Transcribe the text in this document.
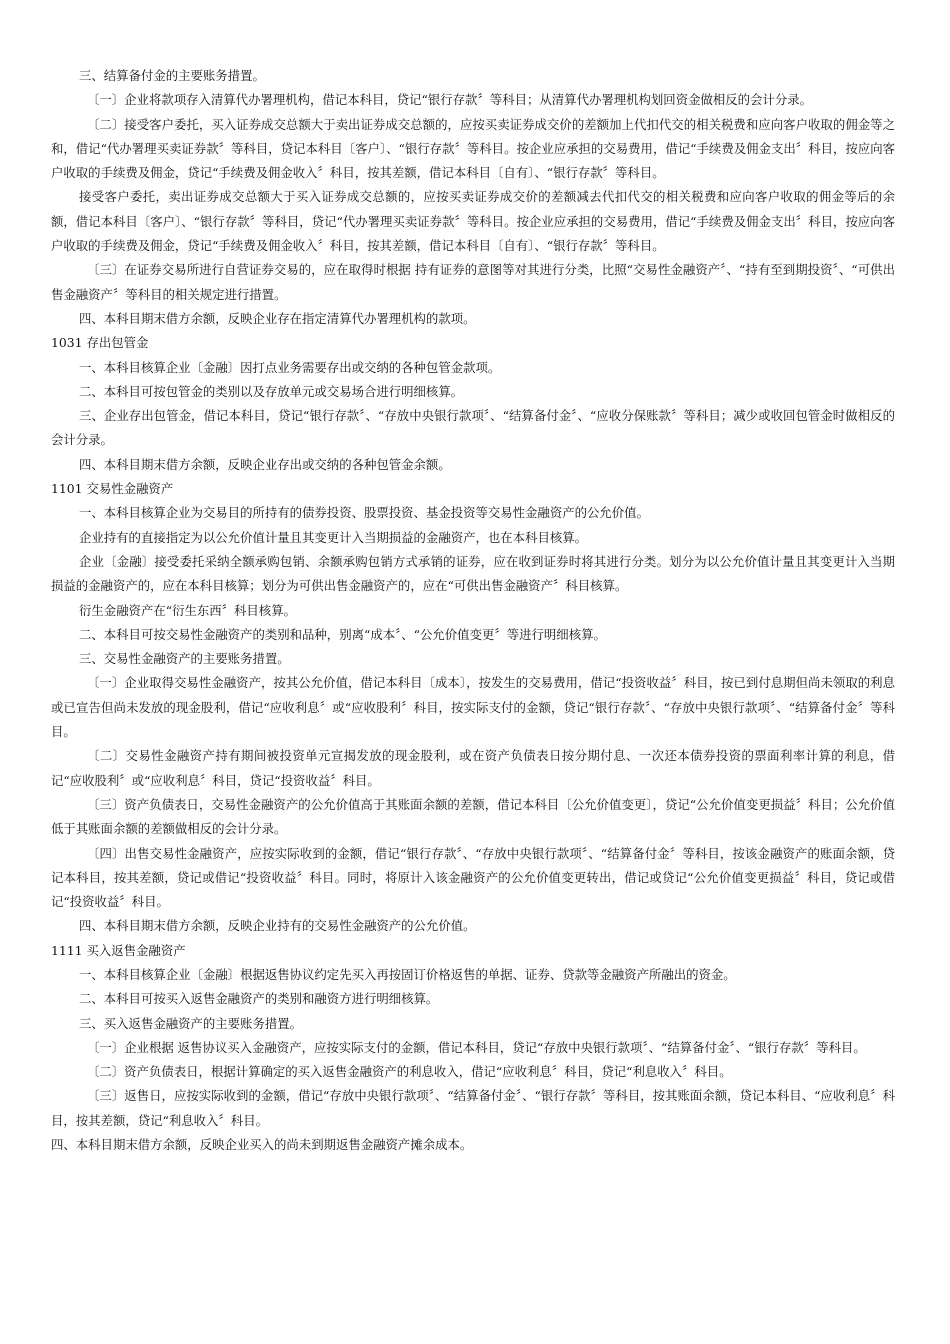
三、结算备付金的主要账务措置。

〔一〕企业将款项存入清算代办署理机构，借记本科目，贷记“银行存款〞等科目；从清算代办署理机构划回资金做相反的会计分录。

〔二〕接受客户委托，买入证券成交总额大于卖出证券成交总额的，应按买卖证券成交价的差额加上代扣代交的相关税费和应向客户收取的佣金等之和，借记“代办署理买卖证券款〞等科目，贷记本科目〔客户〕、“银行存款〞等科目。按企业应承担的交易费用，借记“手续费及佣金支出〞科目，按应向客户收取的手续费及佣金，贷记“手续费及佣金收入〞科目，按其差额，借记本科目〔自有〕、“银行存款〞等科目。

接受客户委托，卖出证券成交总额大于买入证券成交总额的，应按买卖证券成交价的差额减去代扣代交的相关税费和应向客户收取的佣金等后的余额，借记本科目〔客户〕、“银行存款〞等科目，贷记“代办署理买卖证券款〞等科目。按企业应承担的交易费用，借记“手续费及佣金支出〞科目，按应向客户收取的手续费及佣金，贷记“手续费及佣金收入〞科目，按其差额，借记本科目〔自有〕、“银行存款〞等科目。

〔三〕在证券交易所进行自营证券交易的，应在取得时根据 持有证券的意图等对其进行分类，比照“交易性金融资产〞、“持有至到期投资〞、“可供出售金融资产〞等科目的相关规定进行措置。

四、本科目期末借方余额，反映企业存在指定清算代办署理机构的款项。

1031 存出包管金

一、本科目核算企业〔金融〕因打点业务需要存出或交纳的各种包管金款项。

二、本科目可按包管金的类别以及存放单元或交易场合进行明细核算。

三、企业存出包管金，借记本科目，贷记“银行存款〞、“存放中央银行款项〞、“结算备付金〞、“应收分保账款〞等科目；减少或收回包管金时做相反的会计分录。

四、本科目期末借方余额，反映企业存出或交纳的各种包管金余额。

1101 交易性金融资产

一、本科目核算企业为交易目的所持有的债券投资、股票投资、基金投资等交易性金融资产的公允价值。

企业持有的直接指定为以公允价值计量且其变更计入当期损益的金融资产，也在本科目核算。

企业〔金融〕接受委托采纳全额承购包销、余额承购包销方式承销的证券，应在收到证券时将其进行分类。划分为以公允价值计量且其变更计入当期损益的金融资产的，应在本科目核算；划分为可供出售金融资产的，应在“可供出售金融资产〞科目核算。

衍生金融资产在“衍生东西〞科目核算。

二、本科目可按交易性金融资产的类别和品种，别离“成本〞、“公允价值变更〞等进行明细核算。

三、交易性金融资产的主要账务措置。

〔一〕企业取得交易性金融资产，按其公允价值，借记本科目〔成本〕，按发生的交易费用，借记“投资收益〞科目，按已到付息期但尚未领取的利息或已宣告但尚未发放的现金股利，借记“应收利息〞或“应收股利〞科目，按实际支付的金额，贷记“银行存款〞、“存放中央银行款项〞、“结算备付金〞等科目。

〔二〕交易性金融资产持有期间被投资单元宣揭发放的现金股利，或在资产负债表日按分期付息、一次还本债券投资的票面利率计算的利息，借记“应收股利〞或“应收利息〞科目，贷记“投资收益〞科目。

〔三〕资产负债表日，交易性金融资产的公允价值高于其账面余额的差额，借记本科目〔公允价值变更〕，贷记“公允价值变更损益〞科目；公允价值低于其账面余额的差额做相反的会计分录。

〔四〕出售交易性金融资产，应按实际收到的金额，借记“银行存款〞、“存放中央银行款项〞、“结算备付金〞等科目，按该金融资产的账面余额，贷记本科目，按其差额，贷记或借记“投资收益〞科目。同时，将原计入该金融资产的公允价值变更转出，借记或贷记“公允价值变更损益〞科目，贷记或借记“投资收益〞科目。

四、本科目期末借方余额，反映企业持有的交易性金融资产的公允价值。

1111 买入返售金融资产

一、本科目核算企业〔金融〕根据返售协议约定先买入再按固订价格返售的单据、证券、贷款等金融资产所融出的资金。

二、本科目可按买入返售金融资产的类别和融资方进行明细核算。

三、买入返售金融资产的主要账务措置。

〔一〕企业根据 返售协议买入金融资产，应按实际支付的金额，借记本科目，贷记“存放中央银行款项〞、“结算备付金〞、“银行存款〞等科目。

〔二〕资产负债表日，根据计算确定的买入返售金融资产的利息收入，借记“应收利息〞科目，贷记“利息收入〞科目。

〔三〕返售日，应按实际收到的金额，借记“存放中央银行款项〞、“结算备付金〞、“银行存款〞等科目，按其账面余额，贷记本科目、“应收利息〞科目，按其差额，贷记“利息收入〞科目。

四、本科目期末借方余额，反映企业买入的尚未到期返售金融资产摊余成本。
